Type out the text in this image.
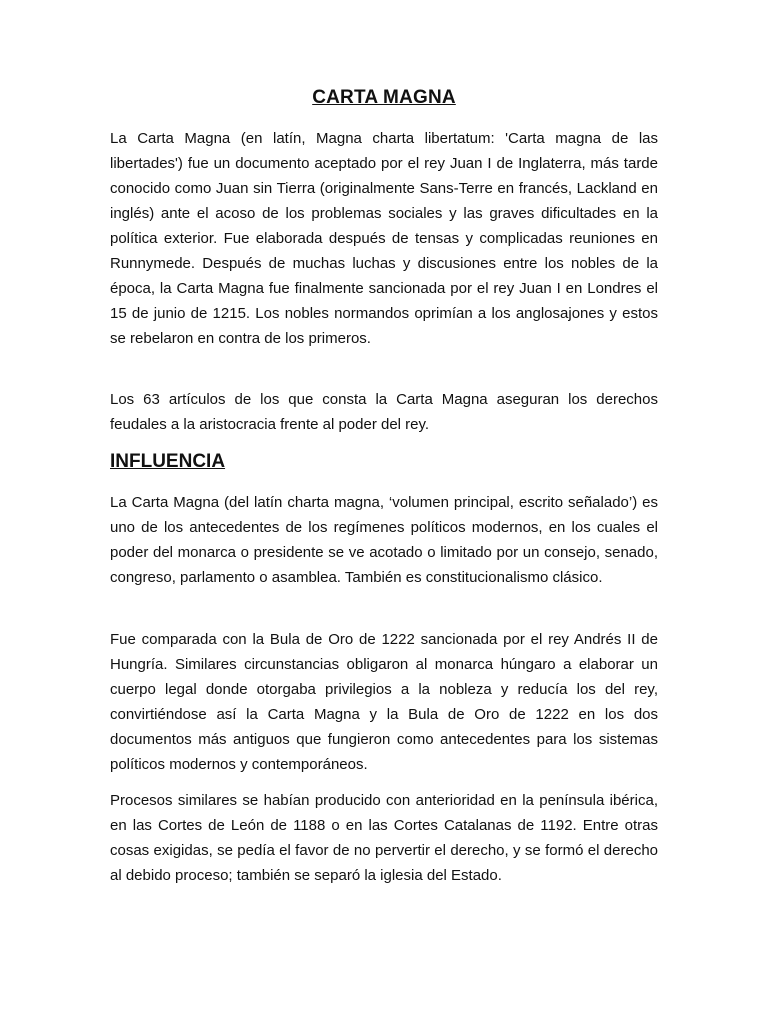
CARTA MAGNA

La Carta Magna (en latín, Magna charta libertatum: 'Carta magna de las libertades') fue un documento aceptado por el rey Juan I de Inglaterra, más tarde conocido como Juan sin Tierra (originalmente Sans-Terre en francés, Lackland en inglés) ante el acoso de los problemas sociales y las graves dificultades en la política exterior. Fue elaborada después de tensas y complicadas reuniones en Runnymede. Después de muchas luchas y discusiones entre los nobles de la época, la Carta Magna fue finalmente sancionada por el rey Juan I en Londres el 15 de junio de 1215. Los nobles normandos oprimían a los anglosajones y estos se rebelaron en contra de los primeros.

Los 63 artículos de los que consta la Carta Magna aseguran los derechos feudales a la aristocracia frente al poder del rey.

INFLUENCIA

La Carta Magna (del latín charta magna, ‘volumen principal, escrito señalado’) es uno de los antecedentes de los regímenes políticos modernos, en los cuales el poder del monarca o presidente se ve acotado o limitado por un consejo, senado, congreso, parlamento o asamblea. También es constitucionalismo clásico.

Fue comparada con la Bula de Oro de 1222 sancionada por el rey Andrés II de Hungría. Similares circunstancias obligaron al monarca húngaro a elaborar un cuerpo legal donde otorgaba privilegios a la nobleza y reducía los del rey, convirtiéndose así la Carta Magna y la Bula de Oro de 1222 en los dos documentos más antiguos que fungieron como antecedentes para los sistemas políticos modernos y contemporáneos.

Procesos similares se habían producido con anterioridad en la península ibérica, en las Cortes de León de 1188 o en las Cortes Catalanas de 1192. Entre otras cosas exigidas, se pedía el favor de no pervertir el derecho, y se formó el derecho al debido proceso; también se separó la iglesia del Estado.
